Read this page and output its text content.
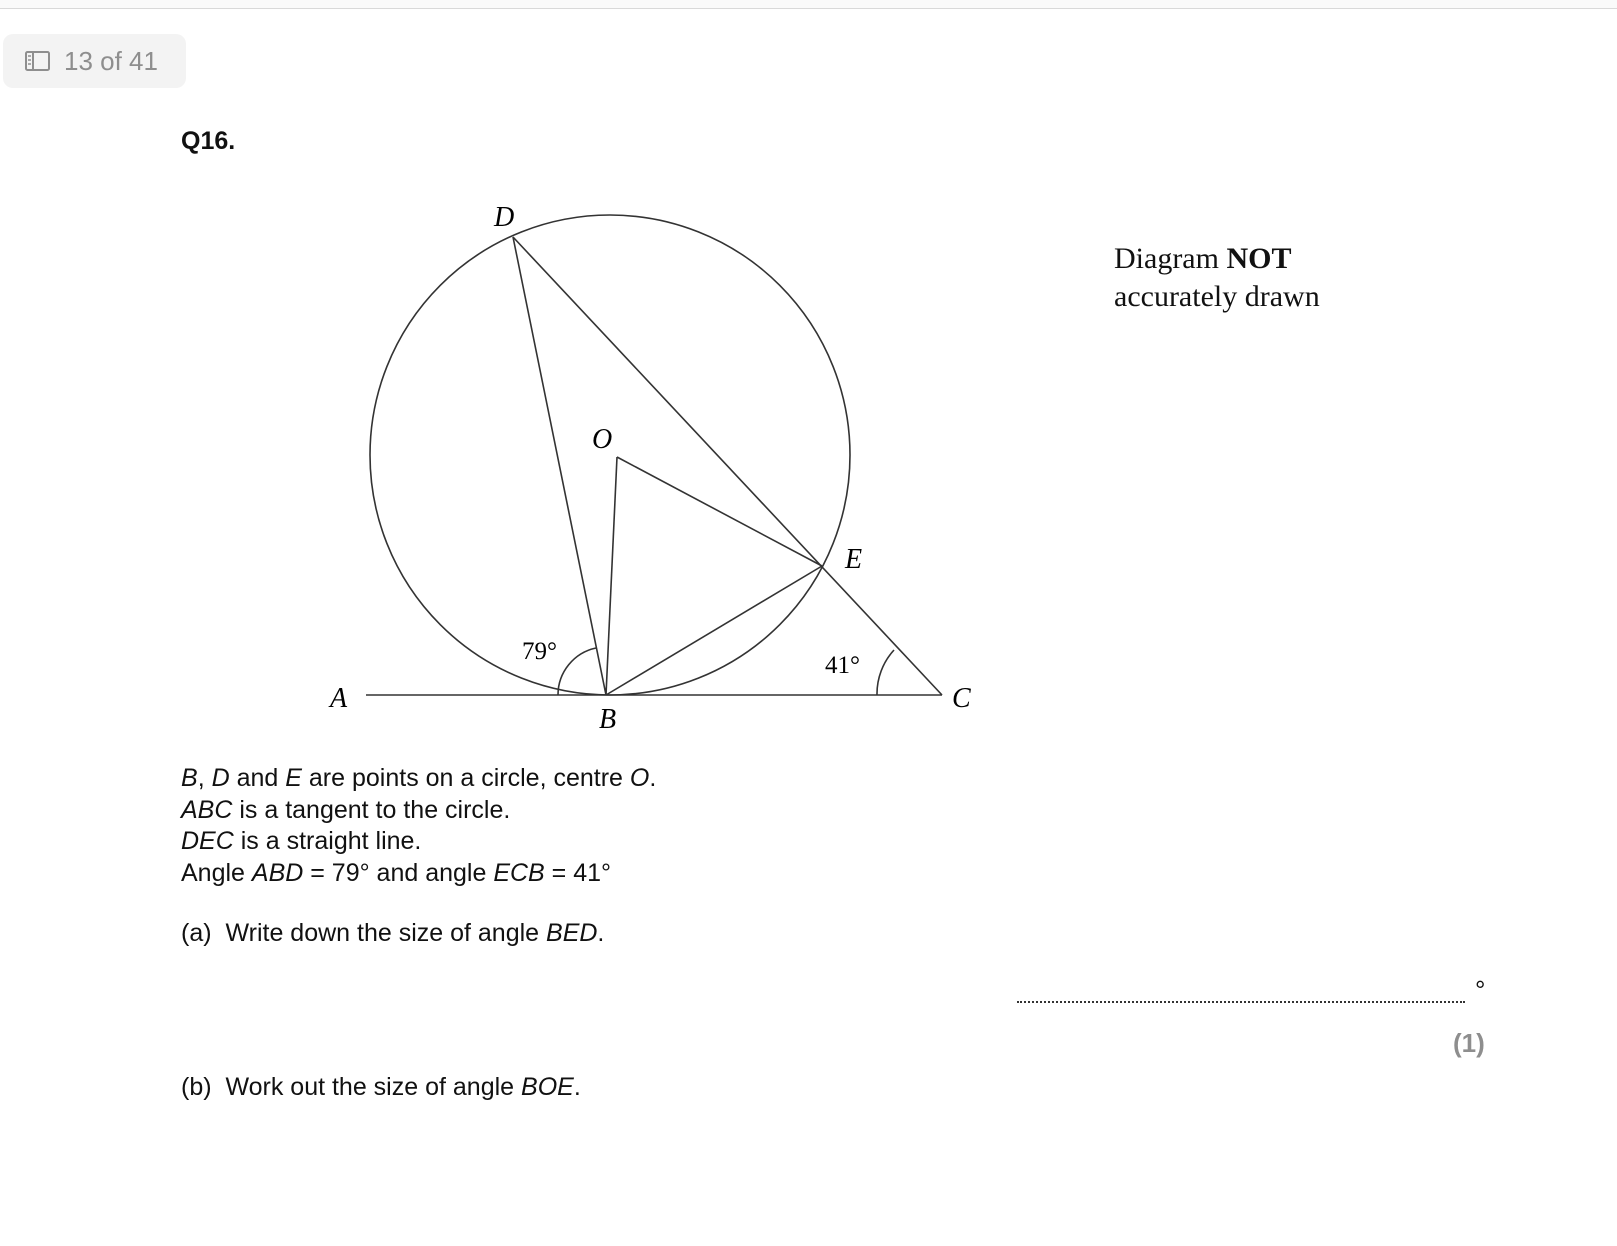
13 of 41
Q16.
D
O
E
A
B
C
79°
41°
Diagram NOT
accurately drawn
B, D and E are points on a circle, centre O.
ABC is a tangent to the circle.
DEC is a straight line.
Angle ABD = 79° and angle ECB = 41°
(a) Write down the size of angle BED.
°
(1)
(b) Work out the size of angle BOE.
